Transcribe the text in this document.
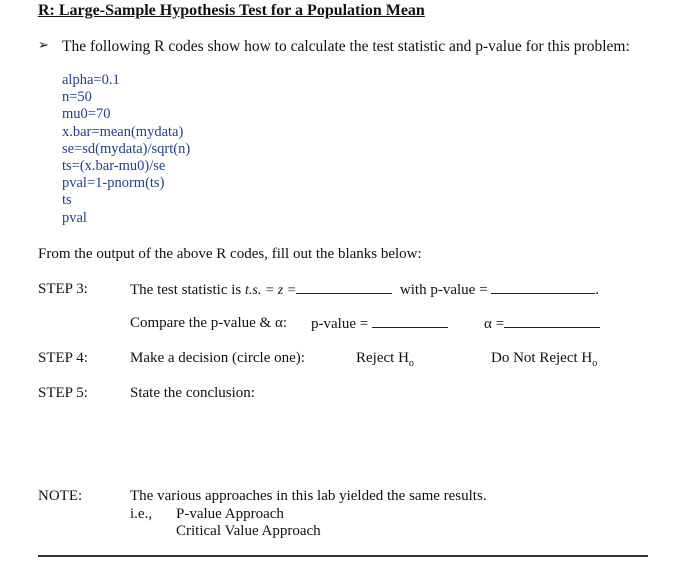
R: Large-Sample Hypothesis Test for a Population Mean
➢ The following R codes show how to calculate the test statistic and p-value for this problem:
alpha=0.1
n=50
mu0=70
x.bar=mean(mydata)
se=sd(mydata)/sqrt(n)
ts=(x.bar-mu0)/se
pval=1-pnorm(ts)
ts
pval
From the output of the above R codes, fill out the blanks below:
STEP 3:	The test statistic is t.s. = z =	with p-value =	.
Compare the p-value & α: p-value =	α =
STEP 4:	Make a decision (circle one):	Reject $H_o$	Do Not Reject $H_o$
STEP 5:	State the conclusion:
NOTE:	The various approaches in this lab yielded the same results.
i.e., P-value Approach
Critical Value Approach
